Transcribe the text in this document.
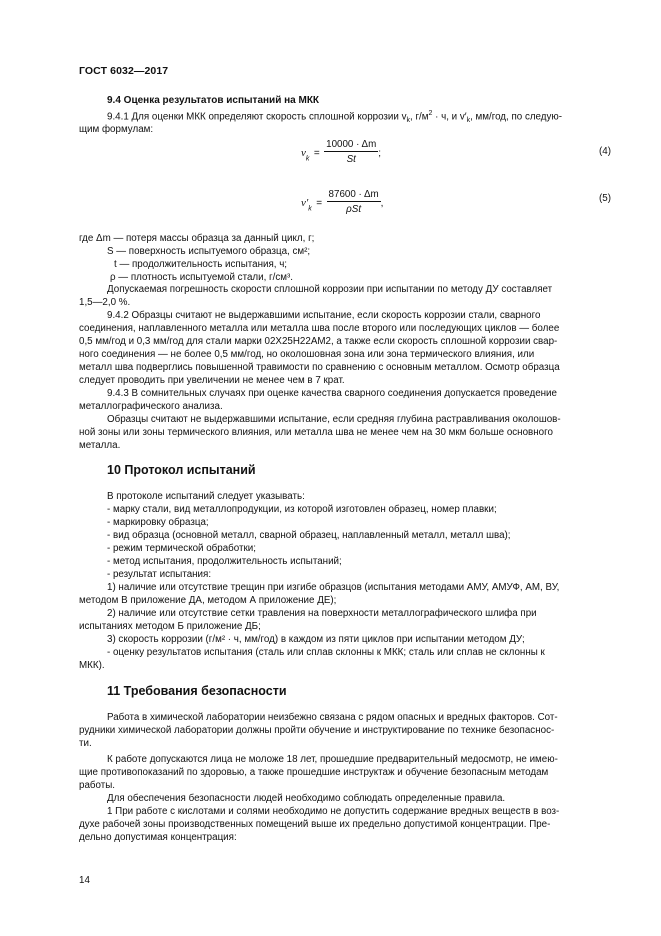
ГОСТ 6032—2017
9.4 Оценка результатов испытаний на МКК
9.4.1 Для оценки МКК определяют скорость сплошной коррозии $v_k$, $г/м^2 \cdot ч$, и $v'_k$, мм/год, по следую-
щим формулам:
$v_k = \frac{10000 \cdot \Delta m}{St}$ ;	(4)
$v'_k = \frac{87600 \cdot \Delta m}{\text{ρSt}}$ ,	(5)
где Δm — потеря массы образца за данный цикл, г;
S — поверхность испытуемого образца, см²;
t — продолжительность испытания, ч;
ρ — плотность испытуемой стали, г/см³.
Допускаемая погрешность скорости сплошной коррозии при испытании по методу ДУ составляет
1,5—2,0 %.
9.4.2 Образцы считают не выдержавшими испытание, если скорость коррозии стали, сварного
соединения, наплавленного металла или металла шва после второго или последующих циклов — более
0,5 мм/год и 0,3 мм/год для стали марки 02Х25Н22АМ2, а также если скорость сплошной коррозии свар-
ного соединения — не более 0,5 мм/год, но околошовная зона или зона термического влияния, или
металл шва подверглись повышенной травимости по сравнению с основным металлом. Осмотр образца
следует проводить при увеличении не менее чем в 7 крат.
9.4.3 В сомнительных случаях при оценке качества сварного соединения допускается проведение
металлографического анализа.
Образцы считают не выдержавшими испытание, если средняя глубина растравливания околошов-
ной зоны или зоны термического влияния, или металла шва не менее чем на 30 мкм больше основного
металла.
10 Протокол испытаний
В протоколе испытаний следует указывать:
- марку стали, вид металлопродукции, из которой изготовлен образец, номер плавки;
- маркировку образца;
- вид образца (основной металл, сварной образец, наплавленный металл, металл шва);
- режим термической обработки;
- метод испытания, продолжительность испытаний;
- результат испытания:
1) наличие или отсутствие трещин при изгибе образцов (испытания методами АМУ, АМУФ, АМ, ВУ,
методом В приложение ДА, методом А приложение ДЕ);
2) наличие или отсутствие сетки травления на поверхности металлографического шлифа при
испытаниях методом Б приложение ДБ;
3) скорость коррозии (г/м² · ч, мм/год) в каждом из пяти циклов при испытании методом ДУ;
- оценку результатов испытания (сталь или сплав склонны к МКК; сталь или сплав не склонны к
МКК).
11 Требования безопасности
Работа в химической лаборатории неизбежно связана с рядом опасных и вредных факторов. Сот-
рудники химической лаборатории должны пройти обучение и инструктирование по технике безопаснос-
ти.
К работе допускаются лица не моложе 18 лет, прошедшие предварительный медосмотр, не имею-
щие противопоказаний по здоровью, а также прошедшие инструктаж и обучение безопасным методам
работы.
Для обеспечения безопасности людей необходимо соблюдать определенные правила.
1 При работе с кислотами и солями необходимо не допустить содержание вредных веществ в воз-
духе рабочей зоны производственных помещений выше их предельно допустимой концентрации. Пре-
дельно допустимая концентрация:
14
